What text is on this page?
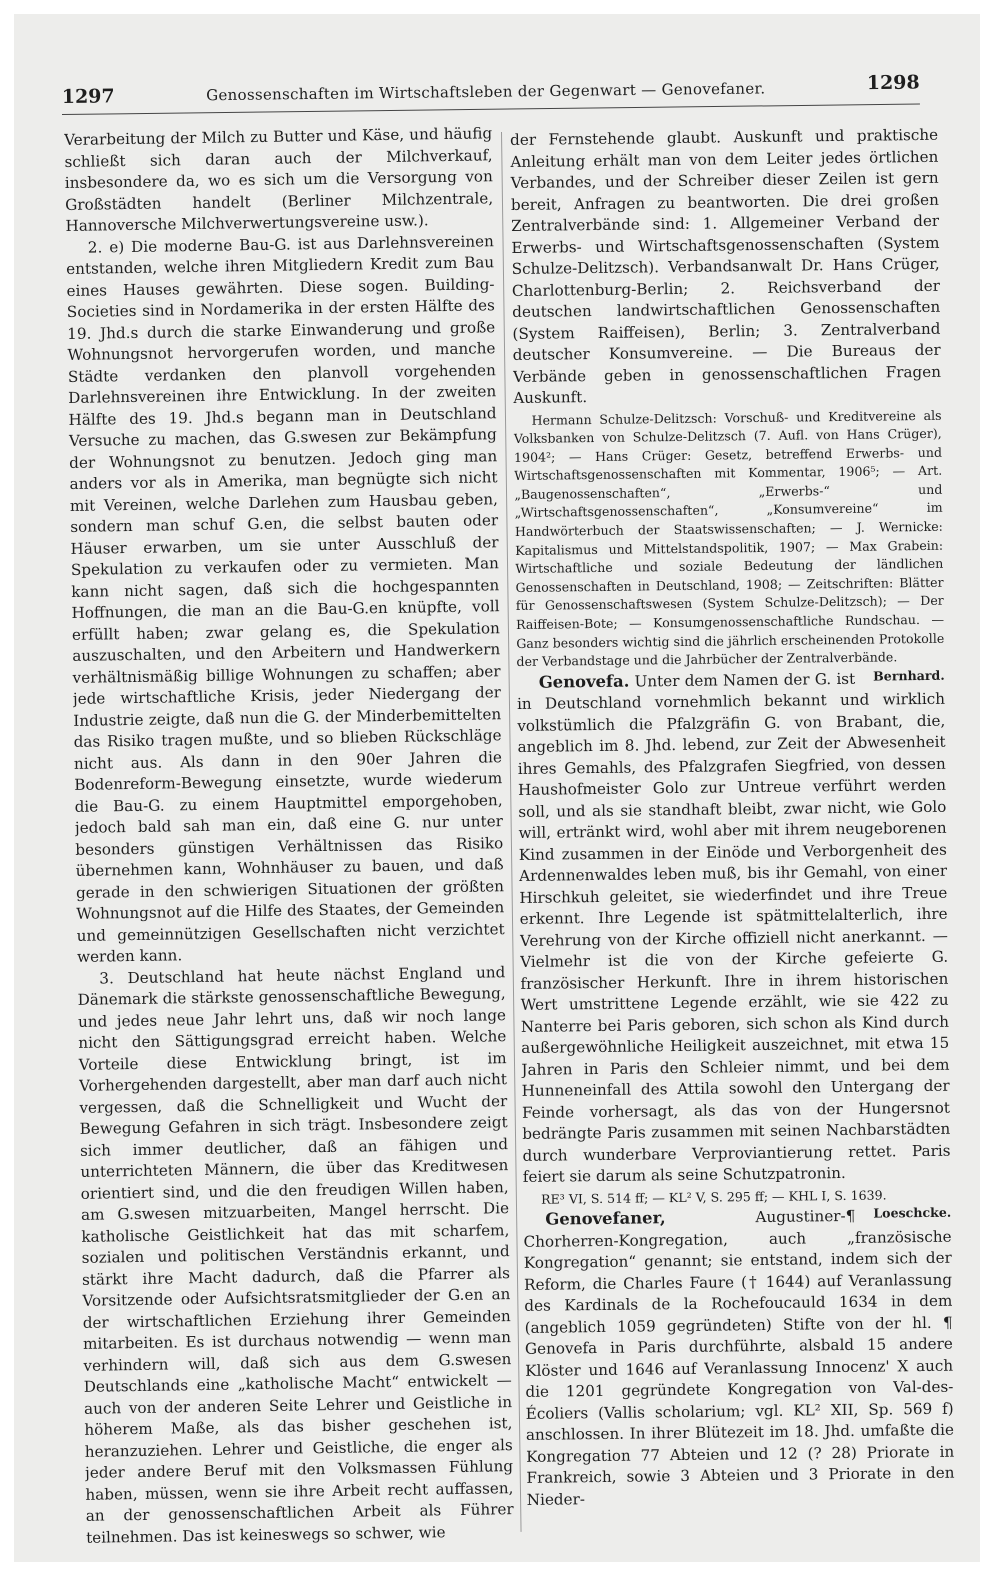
1297	Genossenschaften im Wirtschaftsleben der Gegenwart — Genovefaner.	1298

Verarbeitung der Milch zu Butter und Käse, und häufig schließt sich daran auch der Milchverkauf, insbesondere da, wo es sich um die Versorgung von Großstädten handelt (Berliner Milchzentrale, Hannoversche Milchverwertungsvereine usw.).

2. e) Die moderne Bau-G. ist aus Darlehnsvereinen entstanden, welche ihren Mitgliedern Kredit zum Bau eines Hauses gewährten. Diese sogen. Building-Societies sind in Nordamerika in der ersten Hälfte des 19. Jhd.s durch die starke Einwanderung und große Wohnungsnot hervorgerufen worden, und manche Städte verdanken den planvoll vorgehenden Darlehnsvereinen ihre Entwicklung. In der zweiten Hälfte des 19. Jhd.s begann man in Deutschland Versuche zu machen, das G.swesen zur Bekämpfung der Wohnungsnot zu benutzen. Jedoch ging man anders vor als in Amerika, man begnügte sich nicht mit Vereinen, welche Darlehen zum Hausbau geben, sondern man schuf G.en, die selbst bauten oder Häuser erwarben, um sie unter Ausschluß der Spekulation zu verkaufen oder zu vermieten. Man kann nicht sagen, daß sich die hochgespannten Hoffnungen, die man an die Bau-G.en knüpfte, voll erfüllt haben; zwar gelang es, die Spekulation auszuschalten, und den Arbeitern und Handwerkern verhältnismäßig billige Wohnungen zu schaffen; aber jede wirtschaftliche Krisis, jeder Niedergang der Industrie zeigte, daß nun die G. der Minderbemittelten das Risiko tragen mußte, und so blieben Rückschläge nicht aus. Als dann in den 90er Jahren die Bodenreform-Bewegung einsetzte, wurde wiederum die Bau-G. zu einem Hauptmittel emporgehoben, jedoch bald sah man ein, daß eine G. nur unter besonders günstigen Verhältnissen das Risiko übernehmen kann, Wohnhäuser zu bauen, und daß gerade in den schwierigen Situationen der größten Wohnungsnot auf die Hilfe des Staates, der Gemeinden und gemeinnützigen Gesellschaften nicht verzichtet werden kann.

3. Deutschland hat heute nächst England und Dänemark die stärkste genossenschaftliche Bewegung, und jedes neue Jahr lehrt uns, daß wir noch lange nicht den Sättigungsgrad erreicht haben. Welche Vorteile diese Entwicklung bringt, ist im Vorhergehenden dargestellt, aber man darf auch nicht vergessen, daß die Schnelligkeit und Wucht der Bewegung Gefahren in sich trägt. Insbesondere zeigt sich immer deutlicher, daß an fähigen und unterrichteten Männern, die über das Kreditwesen orientiert sind, und die den freudigen Willen haben, am G.swesen mitzuarbeiten, Mangel herrscht. Die katholische Geistlichkeit hat das mit scharfem, sozialen und politischen Verständnis erkannt, und stärkt ihre Macht dadurch, daß die Pfarrer als Vorsitzende oder Aufsichtsratsmitglieder der G.en an der wirtschaftlichen Erziehung ihrer Gemeinden mitarbeiten. Es ist durchaus notwendig — wenn man verhindern will, daß sich aus dem G.swesen Deutschlands eine „katholische Macht“ entwickelt — auch von der anderen Seite Lehrer und Geistliche in höherem Maße, als das bisher geschehen ist, heranzuziehen. Lehrer und Geistliche, die enger als jeder andere Beruf mit den Volksmassen Fühlung haben, müssen, wenn sie ihre Arbeit recht auffassen, an der genossenschaftlichen Arbeit als Führer teilnehmen. Das ist keineswegs so schwer, wie

der Fernstehende glaubt. Auskunft und praktische Anleitung erhält man von dem Leiter jedes örtlichen Verbandes, und der Schreiber dieser Zeilen ist gern bereit, Anfragen zu beantworten. Die drei großen Zentralverbände sind: 1. Allgemeiner Verband der Erwerbs- und Wirtschaftsgenossenschaften (System Schulze-Delitzsch). Verbandsanwalt Dr. Hans Crüger, Charlottenburg-Berlin; 2. Reichsverband der deutschen landwirtschaftlichen Genossenschaften (System Raiffeisen), Berlin; 3. Zentralverband deutscher Konsumvereine. — Die Bureaus der Verbände geben in genossenschaftlichen Fragen Auskunft.

Hermann Schulze-Delitzsch: Vorschuß- und Kreditvereine als Volksbanken von Schulze-Delitzsch (7. Aufl. von Hans Crüger), 1904²; — Hans Crüger: Gesetz, betreffend Erwerbs- und Wirtschaftsgenossenschaften mit Kommentar, 1906⁵; — Art. „Baugenossenschaften“, „Erwerbs-“ und „Wirtschaftsgenossenschaften“, „Konsumvereine“ im Handwörterbuch der Staatswissenschaften; — J. Wernicke: Kapitalismus und Mittelstandspolitik, 1907; — Max Grabein: Wirtschaftliche und soziale Bedeutung der ländlichen Genossenschaften in Deutschland, 1908; — Zeitschriften: Blätter für Genossenschaftswesen (System Schulze-Delitzsch); — Der Raiffeisen-Bote; — Konsumgenossenschaftliche Rundschau. — Ganz besonders wichtig sind die jährlich erscheinenden Protokolle der Verbandstage und die Jahrbücher der Zentralverbände.
Bernhard.

Genovefa. Unter dem Namen der G. ist in Deutschland vornehmlich bekannt und wirklich volkstümlich die Pfalzgräfin G. von Brabant, die, angeblich im 8. Jhd. lebend, zur Zeit der Abwesenheit ihres Gemahls, des Pfalzgrafen Siegfried, von dessen Haushofmeister Golo zur Untreue verführt werden soll, und als sie standhaft bleibt, zwar nicht, wie Golo will, ertränkt wird, wohl aber mit ihrem neugeborenen Kind zusammen in der Einöde und Verborgenheit des Ardennenwaldes leben muß, bis ihr Gemahl, von einer Hirschkuh geleitet, sie wiederfindet und ihre Treue erkennt. Ihre Legende ist spätmittelalterlich, ihre Verehrung von der Kirche offiziell nicht anerkannt. — Vielmehr ist die von der Kirche gefeierte G. französischer Herkunft. Ihre in ihrem historischen Wert umstrittene Legende erzählt, wie sie 422 zu Nanterre bei Paris geboren, sich schon als Kind durch außergewöhnliche Heiligkeit auszeichnet, mit etwa 15 Jahren in Paris den Schleier nimmt, und bei dem Hunneneinfall des Attila sowohl den Untergang der Feinde vorhersagt, als das von der Hungersnot bedrängte Paris zusammen mit seinen Nachbarstädten durch wunderbare Verproviantierung rettet. Paris feiert sie darum als seine Schutzpatronin.

RE³ VI, S. 514 ff; — KL² V, S. 295 ff; — KHL I, S. 1639.
Loeschcke.

Genovefaner,	Augustiner-¶ Chorherren-Kongregation, auch „französische Kongregation“ genannt; sie entstand, indem sich der Reform, die Charles Faure († 1644) auf Veranlassung des Kardinals de la Rochefoucauld 1634 in dem (angeblich 1059 gegründeten) Stifte von der hl. ¶ Genovefa in Paris durchführte, alsbald 15 andere Klöster und 1646 auf Veranlassung Innocenz' X auch die 1201 gegründete Kongregation von Val-des-Écoliers (Vallis scholarium; vgl. KL² XII, Sp. 569 f) anschlossen. In ihrer Blütezeit im 18. Jhd. umfaßte die Kongregation 77 Abteien und 12 (? 28) Priorate in Frankreich, sowie 3 Abteien und 3 Priorate in den Nieder-
